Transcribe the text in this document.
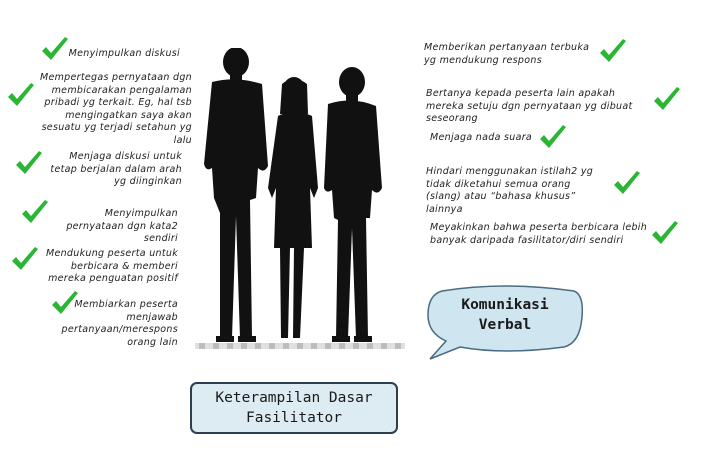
Menyimpulkan diskusi
Mempertegas pernyataan dgn membicarakan pengalaman pribadi yg terkait. Eg, hal tsb mengingatkan saya akan sesuatu yg terjadi setahun yg lalu
Menjaga diskusi untuk tetap berjalan dalam arah yg diinginkan
Menyimpulkan pernyataan dgn kata2 sendiri
Mendukung peserta untuk berbicara & memberi mereka penguatan positif
Membiarkan peserta menjawab pertanyaan/merespons orang lain
Memberikan pertanyaan terbuka yg mendukung respons
Bertanya kepada peserta lain apakah mereka setuju dgn pernyataan yg dibuat seseorang
Menjaga nada suara
Hindari menggunakan istilah2 yg tidak diketahui semua orang (slang) atau “bahasa khusus” lainnya
Meyakinkan bahwa peserta berbicara lebih banyak daripada fasilitator/diri sendiri
Komunikasi Verbal
Keterampilan Dasar Fasilitator
